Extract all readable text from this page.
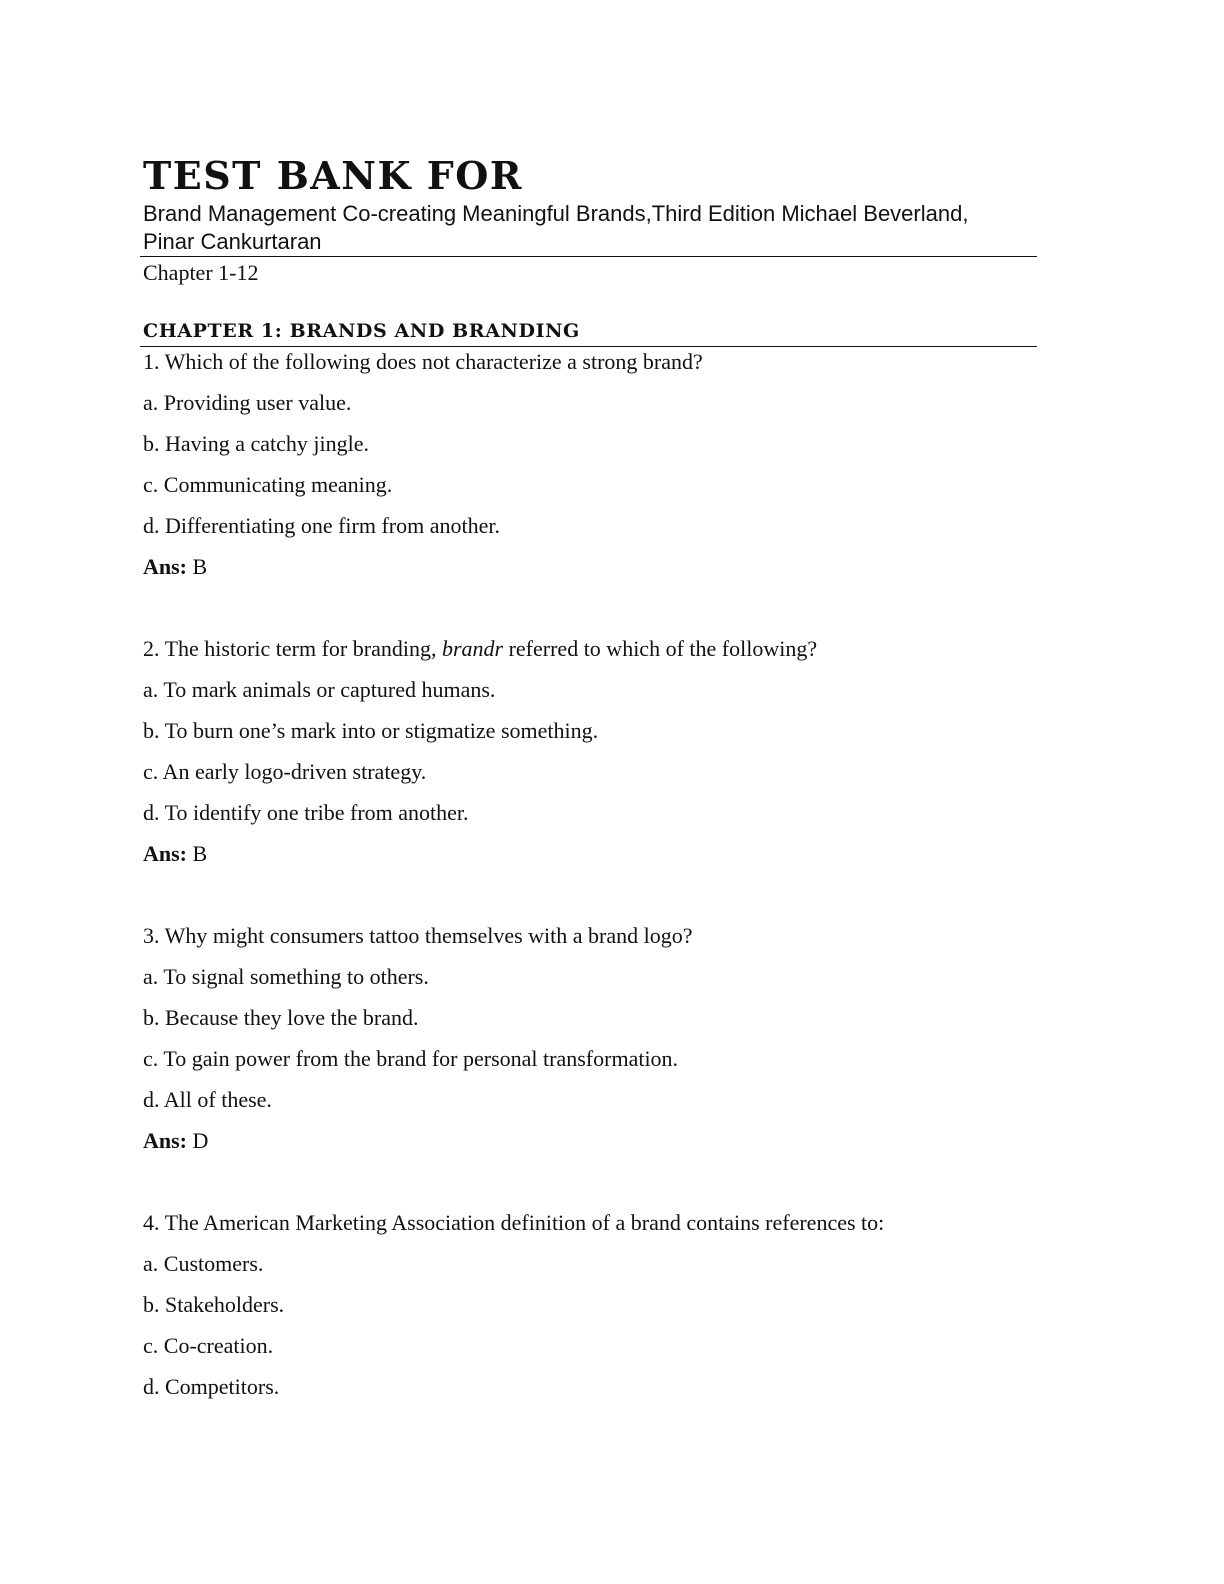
TEST BANK FOR

Brand Management Co-creating Meaningful Brands,Third Edition Michael Beverland, Pinar Cankurtaran

Chapter 1-12

CHAPTER 1: BRANDS AND BRANDING
1. Which of the following does not characterize a strong brand?
a. Providing user value.
b. Having a catchy jingle.
c. Communicating meaning.
d. Differentiating one firm from another.
Ans: B
2. The historic term for branding, brandr referred to which of the following?
a. To mark animals or captured humans.
b. To burn one’s mark into or stigmatize something.
c. An early logo-driven strategy.
d. To identify one tribe from another.
Ans: B
3. Why might consumers tattoo themselves with a brand logo?
a. To signal something to others.
b. Because they love the brand.
c. To gain power from the brand for personal transformation.
d. All of these.
Ans: D
4. The American Marketing Association definition of a brand contains references to:
a. Customers.
b. Stakeholders.
c. Co-creation.
d. Competitors.
